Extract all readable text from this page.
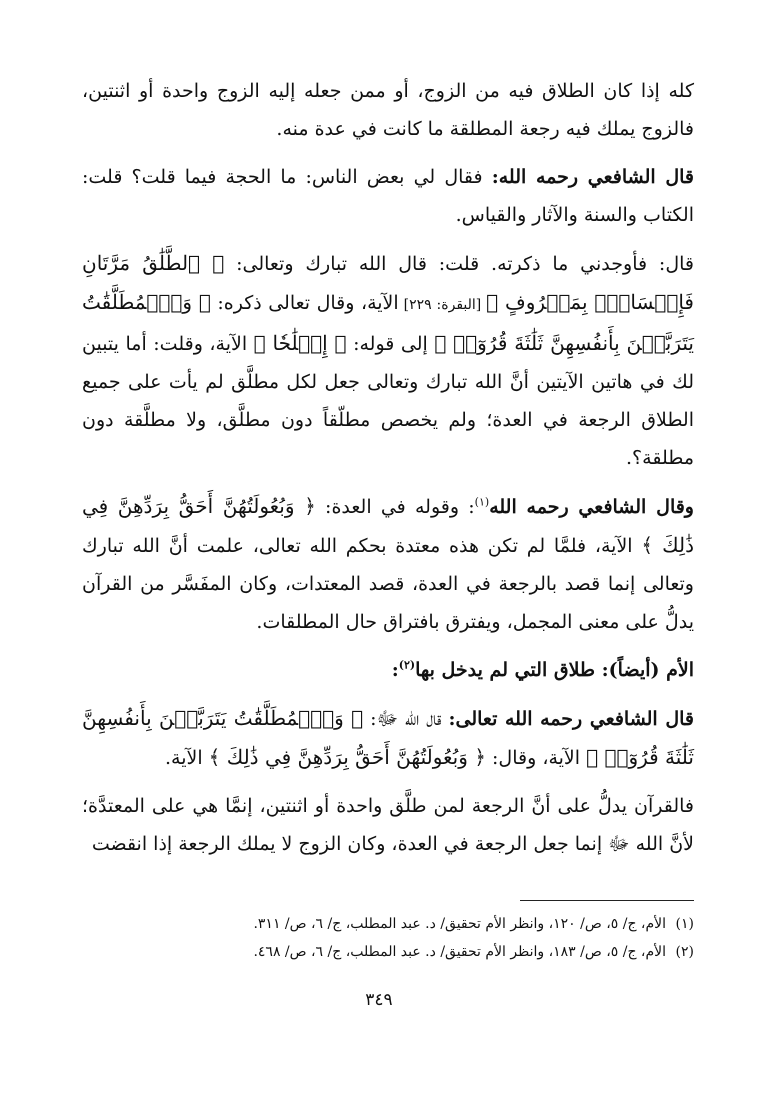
كله إذا كان الطلاق فيه من الزوج، أو ممن جعله إليه الزوج واحدة أو اثنتين، فالزوج يملك فيه رجعة المطلقة ما كانت في عدة منه.

قال الشافعي رحمه الله: فقال لي بعض الناس: ما الحجة فيما قلت؟ قلت: الكتاب والسنة والآثار والقياس.

قال: فأوجدني ما ذكرته. قلت: قال الله تبارك وتعالى: ﴿ ٱلطَّلَٰقُ مَرَّتَانِ فَإِمۡسَاكُۢ بِمَعۡرُوفٍ ﴾ [البقرة: ٢٢٩] الآية، وقال تعالى ذكره: ﴿ وَٱلۡمُطَلَّقَٰتُ يَتَرَبَّصۡنَ بِأَنفُسِهِنَّ ثَلَٰثَةَ قُرُوٓءٖ ﴾ إلى قوله: ﴿ إِصۡلَٰحٗا ﴾ الآية، وقلت: أما يتبين لك في هاتين الآيتين أنَّ الله تبارك وتعالى جعل لكل مطلَّق لم يأت على جميع الطلاق الرجعة في العدة؛ ولم يخصص مطلّقاً دون مطلَّق، ولا مطلَّقة دون مطلقة؟.

وقال الشافعي رحمه الله$^{(١)}$: وقوله في العدة: ﴿ وَبُعُولَتُهُنَّ أَحَقُّ بِرَدِّهِنَّ فِي ذَٰلِكَ ﴾ الآية، فلمَّا لم تكن هذه معتدة بحكم الله تعالى، علمت أنَّ الله تبارك وتعالى إنما قصد بالرجعة في العدة، قصد المعتدات، وكان المفَسَّر من القرآن يدلُّ على معنى المجمل، ويفترق بافتراق حال المطلقات.

الأم (أيضاً): طلاق التي لم يدخل بها$^{(٢)}$:

قال الشافعي رحمه الله تعالى: قال الله ﷻ: ﴿ وَٱلۡمُطَلَّقَٰتُ يَتَرَبَّصۡنَ بِأَنفُسِهِنَّ ثَلَٰثَةَ قُرُوٓءٖ ﴾ الآية، وقال: ﴿ وَبُعُولَتُهُنَّ أَحَقُّ بِرَدِّهِنَّ فِي ذَٰلِكَ ﴾ الآية.

فالقرآن يدلُّ على أنَّ الرجعة لمن طلَّق واحدة أو اثنتين، إنمَّا هي على المعتدَّة؛ لأنَّ الله ﷻ إنما جعل الرجعة في العدة، وكان الزوج لا يملك الرجعة إذا انقضت

(١)الأم، ج/ ٥، ص/ ١٢٠، وانظر الأم تحقيق/ د. عبد المطلب، ج/ ٦، ص/ ٣١١.
(٢)الأم، ج/ ٥، ص/ ١٨٣، وانظر الأم تحقيق/ د. عبد المطلب، ج/ ٦، ص/ ٤٦٨.
٣٤٩
